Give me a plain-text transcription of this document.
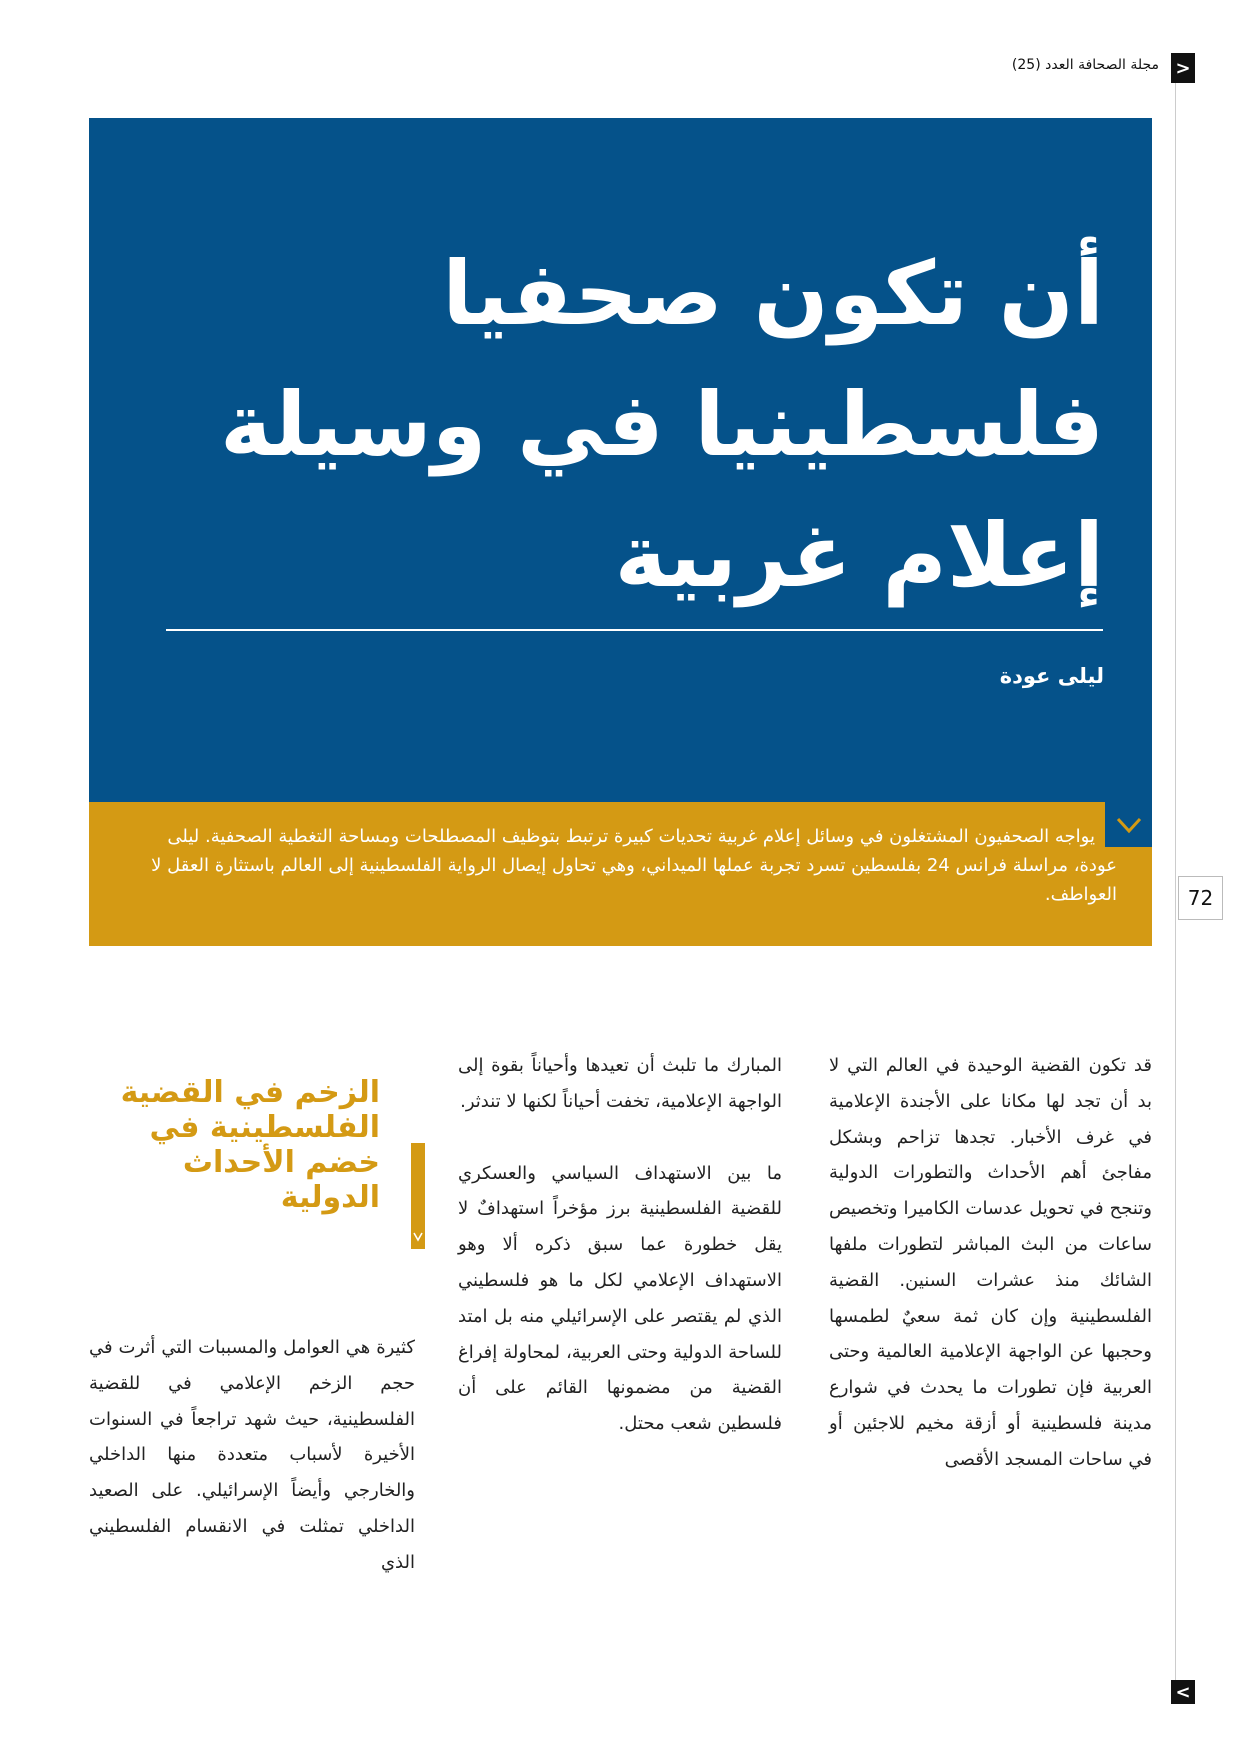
مجلة الصحافة العدد (25) >
72
<
أن تكون صحفيا فلسطينيا في وسيلة إعلام غربية
ليلى عودة

يواجه الصحفيون المشتغلون في وسائل إعلام غربية تحديات كبيرة ترتبط بتوظيف المصطلحات ومساحة التغطية الصحفية. ليلى عودة، مراسلة فرانس 24 بفلسطين تسرد تجربة عملها الميداني، وهي تحاول إيصال الرواية الفلسطينية إلى العالم باستثارة العقل لا العواطف.

قد تكون القضية الوحيدة في العالم التي لا بد أن تجد لها مكانا على الأجندة الإعلامية في غرف الأخبار. تجدها تزاحم وبشكل مفاجئ أهم الأحداث والتطورات الدولية وتنجح في تحويل عدسات الكاميرا وتخصيص ساعات من البث المباشر لتطورات ملفها الشائك منذ عشرات السنين. القضية الفلسطينية وإن كان ثمة سعيٌ لطمسها وحجبها عن الواجهة الإعلامية العالمية وحتى العربية فإن تطورات ما يحدث في شوارع مدينة فلسطينية أو أزقة مخيم للاجئين أو في ساحات المسجد الأقصى

المبارك ما تلبث أن تعيدها وأحياناً بقوة إلى الواجهة الإعلامية، تخفت أحياناً لكنها لا تندثر.

ما بين الاستهداف السياسي والعسكري للقضية الفلسطينية برز مؤخراً استهدافٌ لا يقل خطورة عما سبق ذكره ألا وهو الاستهداف الإعلامي لكل ما هو فلسطيني الذي لم يقتصر على الإسرائيلي منه بل امتد للساحة الدولية وحتى العربية، لمحاولة إفراغ القضية من مضمونها القائم على أن فلسطين شعب محتل.

الزخم في القضية الفلسطينية في خضم الأحداث الدولية

كثيرة هي العوامل والمسببات التي أثرت في حجم الزخم الإعلامي في للقضية الفلسطينية، حيث شهد تراجعاً في السنوات الأخيرة لأسباب متعددة منها الداخلي والخارجي وأيضاً الإسرائيلي. على الصعيد الداخلي تمثلت في الانقسام الفلسطيني الذي
